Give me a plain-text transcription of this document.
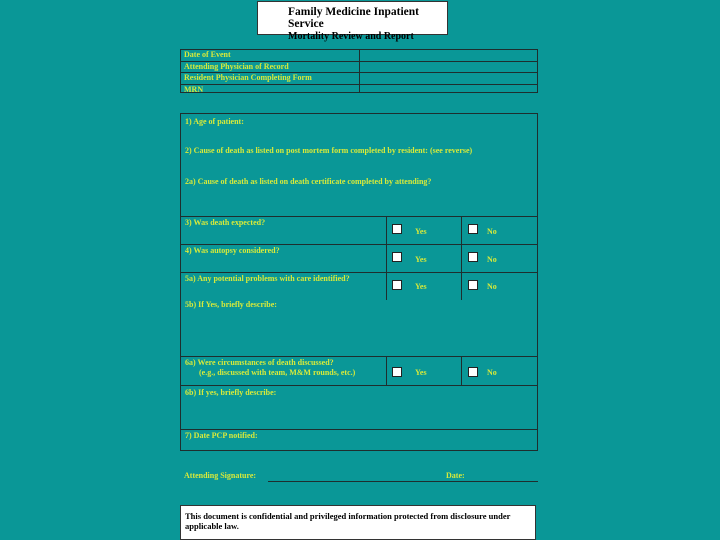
Family Medicine Inpatient Service
Mortality Review and Report
Date of Event
Attending Physician of Record
Resident Physician Completing Form
MRN
1) Age of patient:
2) Cause of death as listed on post mortem form completed by resident: (see reverse)
2a) Cause of death as listed on death certificate completed by attending?
3) Was death expected?
Yes	No
4) Was autopsy considered?
Yes	No
5a) Any potential problems with care identified?
Yes	No
5b) If Yes, briefly describe:
6a) Were circumstances of death discussed?
(e.g., discussed with team, M&M rounds, etc.)	Yes	No
6b) If yes, briefly describe:
7) Date PCP notified:
Attending Signature:	Date:
This document is confidential and privileged information protected from disclosure under applicable law.
